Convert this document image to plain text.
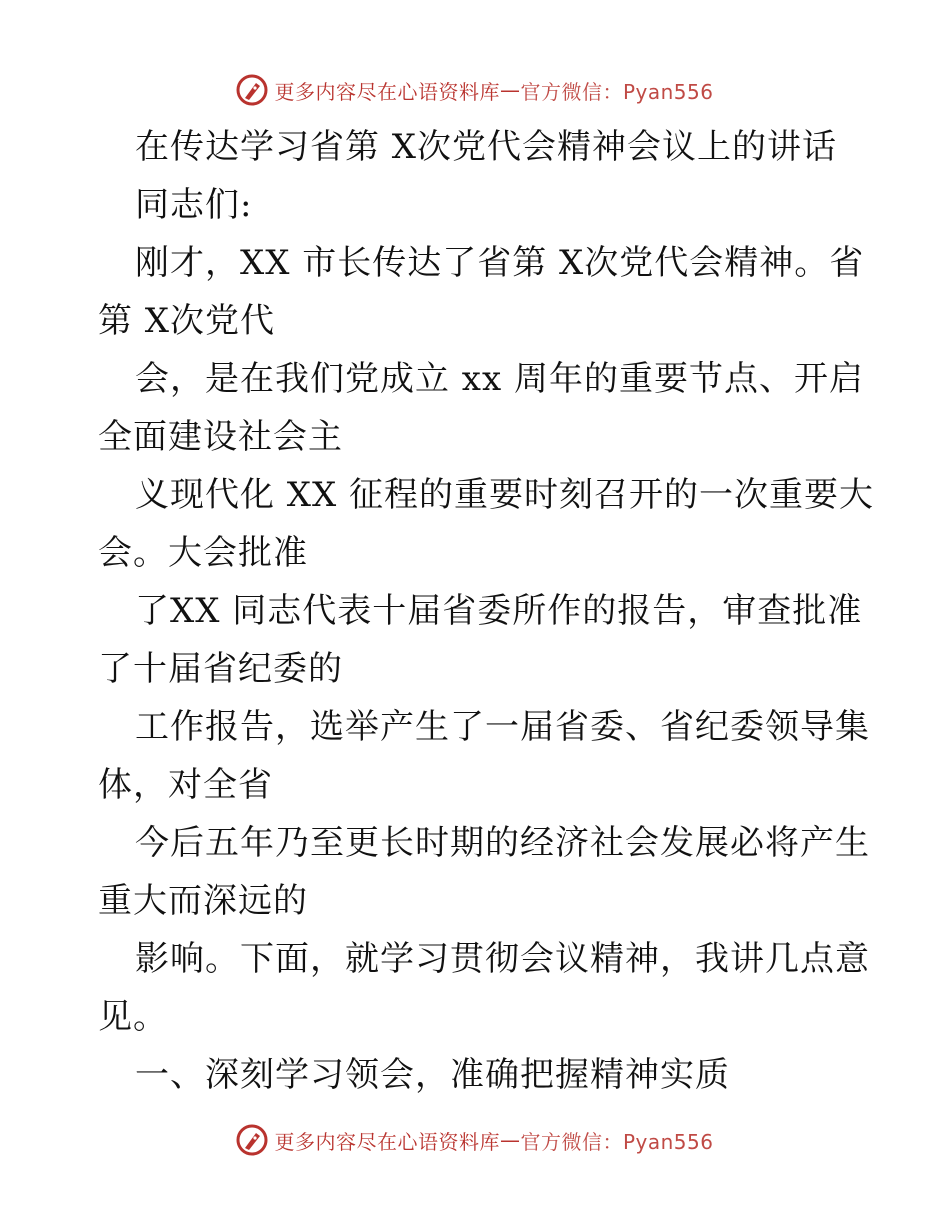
更多内容尽在心语资料库 — 官方微信：Pyan556
在传达学习省第 X次党代会精神会议上的讲话
同志们:
刚才，XX 市长传达了省第 X次党代会精神。省
第 X次党代
会，是在我们党成立 xx 周年的重要节点、开启
全面建设社会主
义现代化 XX 征程的重要时刻召开的一次重要大
会。大会批准
了XX 同志代表十届省委所作的报告，审查批准
了十届省纪委的
工作报告，选举产生了一届省委、省纪委领导集
体，对全省
今后五年乃至更长时期的经济社会发展必将产生
重大而深远的
影响。下面，就学习贯彻会议精神，我讲几点意
见。
一、深刻学习领会，准确把握精神实质
更多内容尽在心语资料库 — 官方微信：Pyan556
